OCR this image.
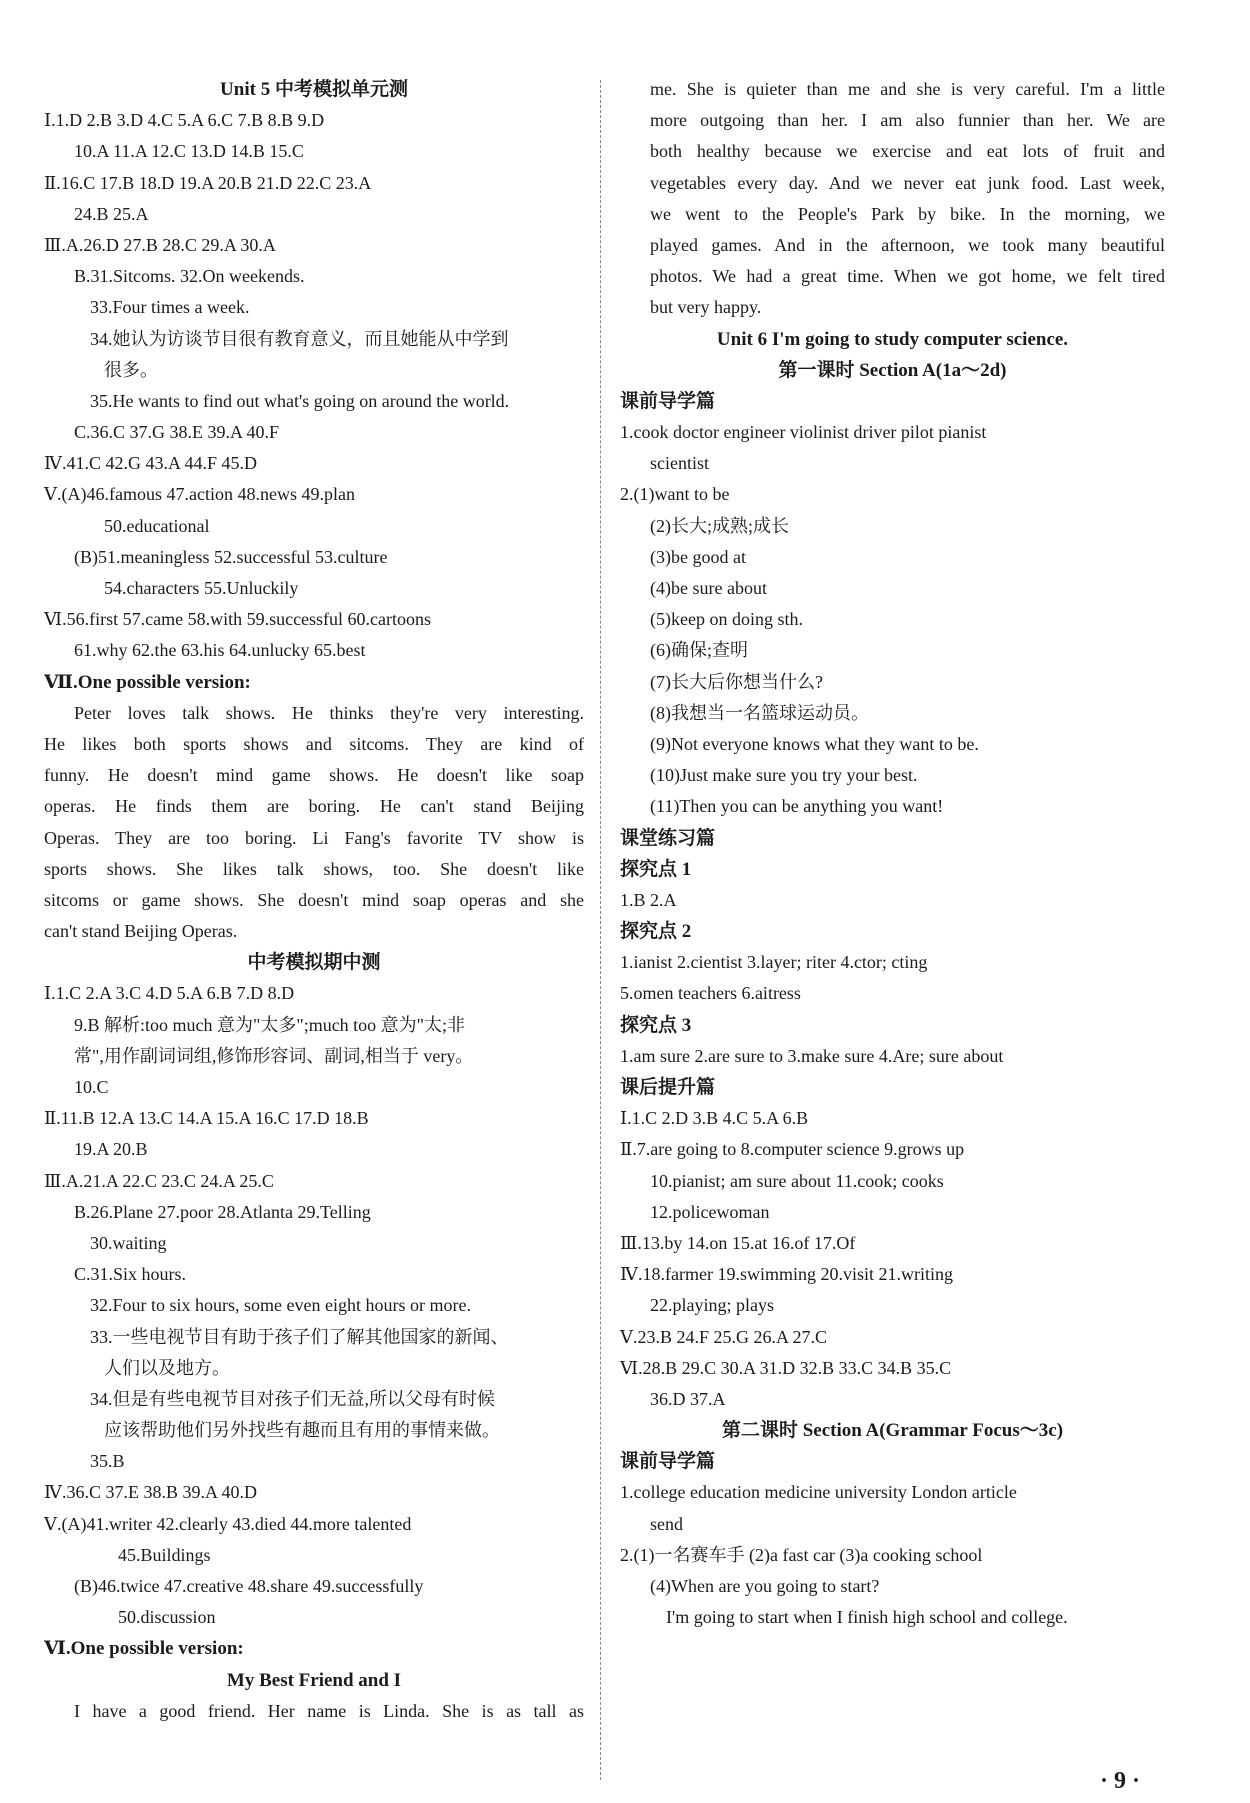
Unit 5 中考模拟单元测
Ⅰ.1.D 2.B 3.D 4.C 5.A 6.C 7.B 8.B 9.D
10.A 11.A 12.C 13.D 14.B 15.C
Ⅱ.16.C 17.B 18.D 19.A 20.B 21.D 22.C 23.A
24.B 25.A
Ⅲ.A.26.D 27.B 28.C 29.A 30.A
B.31.Sitcoms. 32.On weekends.
33.Four times a week.
34.她认为访谈节目很有教育意义，而且她能从中学到
很多。
35.He wants to find out what's going on around the world.
C.36.C 37.G 38.E 39.A 40.F
Ⅳ.41.C 42.G 43.A 44.F 45.D
Ⅴ.(A)46.famous 47.action 48.news 49.plan
50.educational
(B)51.meaningless 52.successful 53.culture
54.characters 55.Unluckily
Ⅵ.56.first 57.came 58.with 59.successful 60.cartoons
61.why 62.the 63.his 64.unlucky 65.best
Ⅶ.One possible version:
Peter loves talk shows. He thinks they're very interesting.
He likes both sports shows and sitcoms. They are kind of
funny. He doesn't mind game shows. He doesn't like soap
operas. He finds them are boring. He can't stand Beijing
Operas. They are too boring. Li Fang's favorite TV show is
sports shows. She likes talk shows, too. She doesn't like
sitcoms or game shows. She doesn't mind soap operas and she
can't stand Beijing Operas.
中考模拟期中测
Ⅰ.1.C 2.A 3.C 4.D 5.A 6.B 7.D 8.D
9.B 解析:too much 意为"太多";much too 意为"太;非
常",用作副词词组,修饰形容词、副词,相当于 very。
10.C
Ⅱ.11.B 12.A 13.C 14.A 15.A 16.C 17.D 18.B
19.A 20.B
Ⅲ.A.21.A 22.C 23.C 24.A 25.C
B.26.Plane 27.poor 28.Atlanta 29.Telling
30.waiting
C.31.Six hours.
32.Four to six hours, some even eight hours or more.
33.一些电视节目有助于孩子们了解其他国家的新闻、
人们以及地方。
34.但是有些电视节目对孩子们无益,所以父母有时候
应该帮助他们另外找些有趣而且有用的事情来做。
35.B
Ⅳ.36.C 37.E 38.B 39.A 40.D
Ⅴ.(A)41.writer 42.clearly 43.died 44.more talented
45.Buildings
(B)46.twice 47.creative 48.share 49.successfully
50.discussion
Ⅵ.One possible version:
My Best Friend and I
I have a good friend. Her name is Linda. She is as tall as
me. She is quieter than me and she is very careful. I'm a little
more outgoing than her. I am also funnier than her. We are
both healthy because we exercise and eat lots of fruit and
vegetables every day. And we never eat junk food. Last week,
we went to the People's Park by bike. In the morning, we
played games. And in the afternoon, we took many beautiful
photos. We had a great time. When we got home, we felt tired
but very happy.
Unit 6 I'm going to study computer science.
第一课时 Section A(1a～2d)
课前导学篇
1.cook doctor engineer violinist driver pilot pianist
scientist
2.(1)want to be
(2)长大;成熟;成长
(3)be good at
(4)be sure about
(5)keep on doing sth.
(6)确保;查明
(7)长大后你想当什么?
(8)我想当一名篮球运动员。
(9)Not everyone knows what they want to be.
(10)Just make sure you try your best.
(11)Then you can be anything you want!
课堂练习篇
探究点 1
1.B 2.A
探究点 2
1.ianist 2.cientist 3.layer; riter 4.ctor; cting
5.omen teachers 6.aitress
探究点 3
1.am sure 2.are sure to 3.make sure 4.Are; sure about
课后提升篇
Ⅰ.1.C 2.D 3.B 4.C 5.A 6.B
Ⅱ.7.are going to 8.computer science 9.grows up
10.pianist; am sure about 11.cook; cooks
12.policewoman
Ⅲ.13.by 14.on 15.at 16.of 17.Of
Ⅳ.18.farmer 19.swimming 20.visit 21.writing
22.playing; plays
Ⅴ.23.B 24.F 25.G 26.A 27.C
Ⅵ.28.B 29.C 30.A 31.D 32.B 33.C 34.B 35.C
36.D 37.A
第二课时 Section A(Grammar Focus～3c)
课前导学篇
1.college education medicine university London article
send
2.(1)一名赛车手 (2)a fast car (3)a cooking school
(4)When are you going to start?
I'm going to start when I finish high school and college.
· 9 ·
